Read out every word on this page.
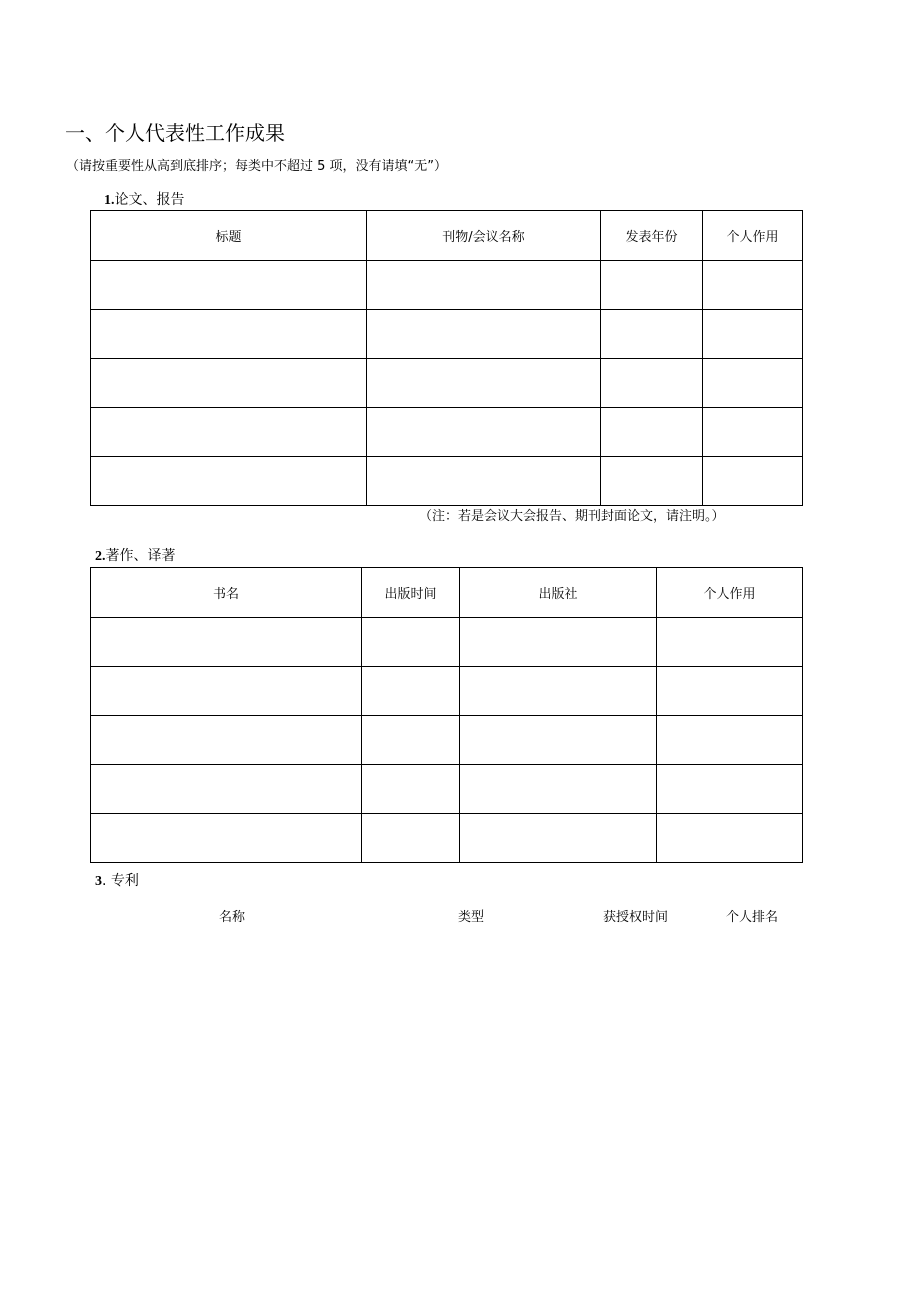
一、个人代表性工作成果
（请按重要性从高到底排序；每类中不超过 5 项，没有请填“无”）
1.论文、报告
标题	刊物/会议名称	发表年份	个人作用

（注：若是会议大会报告、期刊封面论文，请注明。）
2.著作、译著
书名	出版时间	出版社	个人作用

3. 专利
名称	类型	获授权时间	个人排名
